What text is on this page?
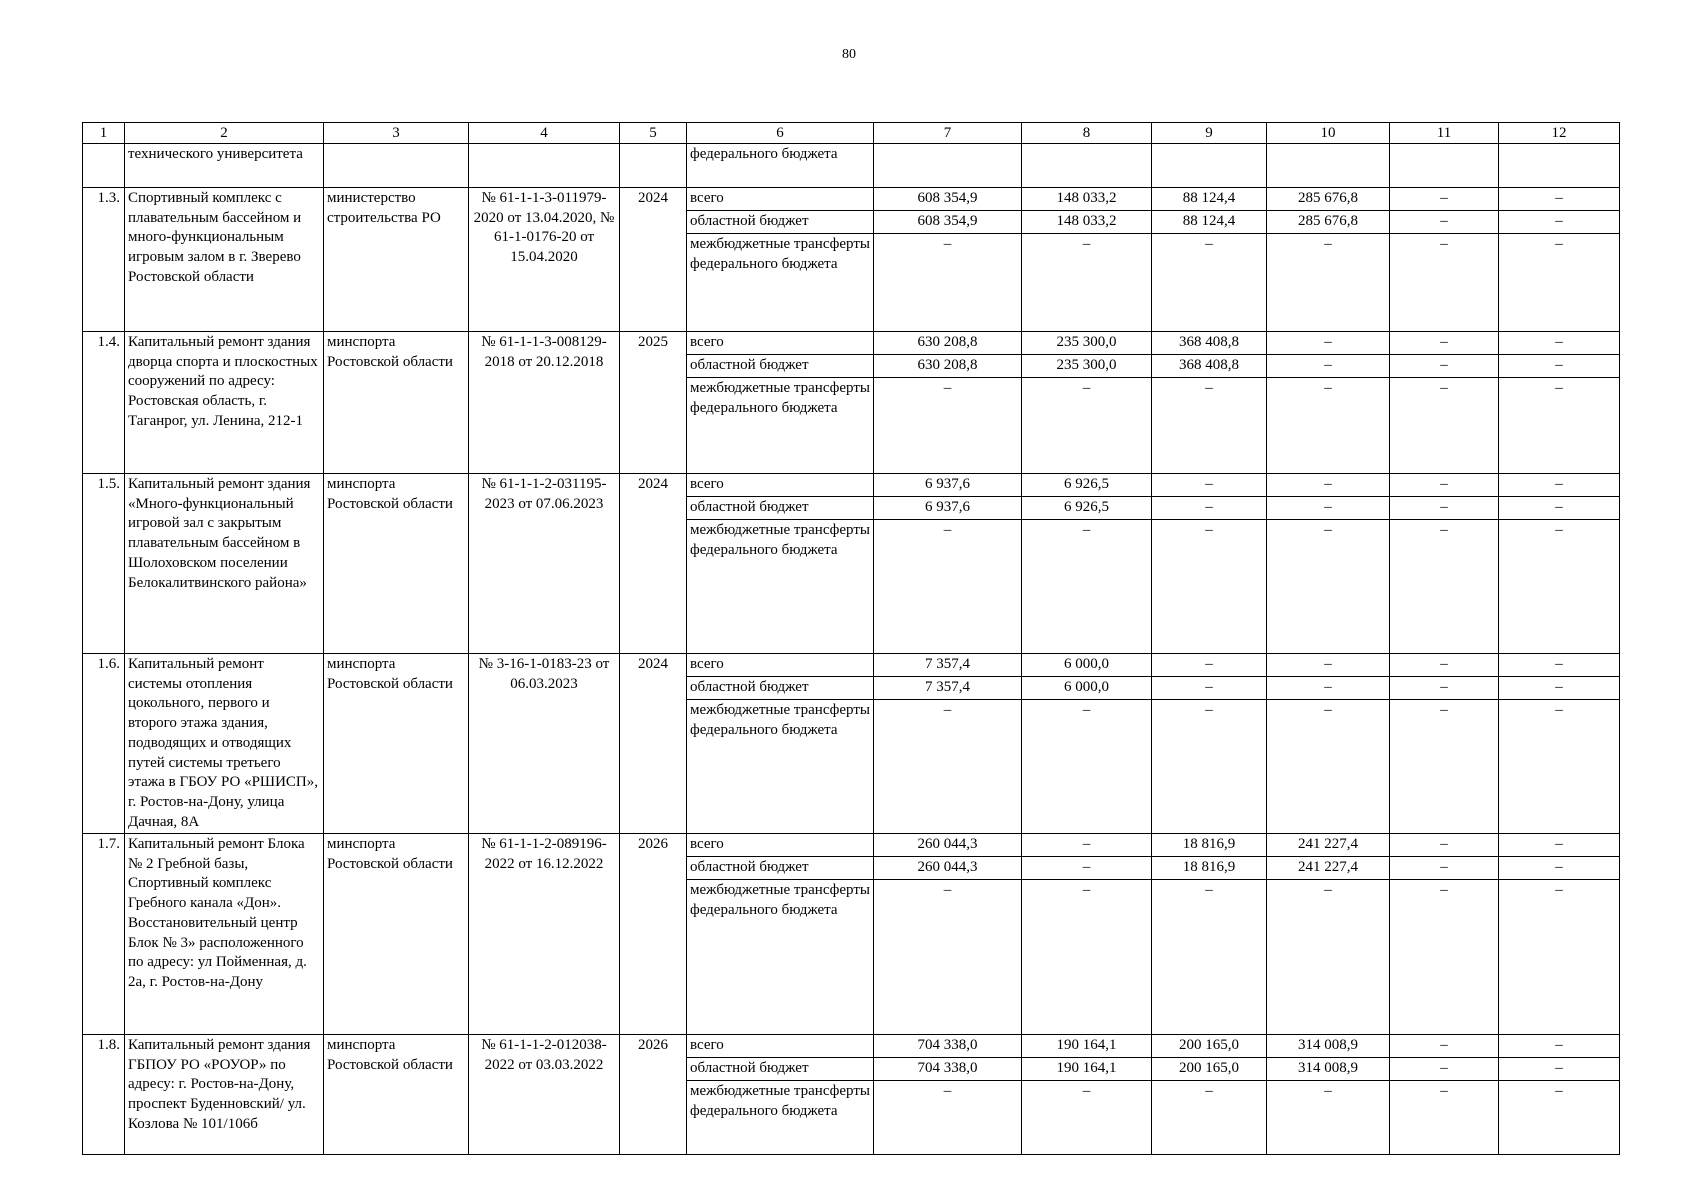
80
1	2	3	4	5	6	7	8	9	10	11	12
	технического университета				федерального бюджета						
1.3.	Спортивный комплекс с плавательным бассейном и много-функциональным игровым залом в г. Зверево Ростовской области	министерство строительства РО	№ 61-1-1-3-011979-2020 от 13.04.2020, № 61-1-0176-20 от 15.04.2020	2024	всего	608 354,9	148 033,2	88 124,4	285 676,8	–	–
					областной бюджет	608 354,9	148 033,2	88 124,4	285 676,8	–	–
					межбюджетные трансферты федерального бюджета	–	–	–	–	–	–
1.4.	Капитальный ремонт здания дворца спорта и плоскостных сооружений по адресу: Ростовская область, г. Таганрог, ул. Ленина, 212-1	минспорта Ростовской области	№ 61-1-1-3-008129-2018 от 20.12.2018	2025	всего	630 208,8	235 300,0	368 408,8	–	–	–
					областной бюджет	630 208,8	235 300,0	368 408,8	–	–	–
					межбюджетные трансферты федерального бюджета	–	–	–	–	–	–
1.5.	Капитальный ремонт здания «Много-функциональный игровой зал с закрытым плавательным бассейном в Шолоховском поселении Белокалитвинского района»	минспорта Ростовской области	№ 61-1-1-2-031195-2023 от 07.06.2023	2024	всего	6 937,6	6 926,5	–	–	–	–
					областной бюджет	6 937,6	6 926,5	–	–	–	–
					межбюджетные трансферты федерального бюджета	–	–	–	–	–	–
1.6.	Капитальный ремонт системы отопления цокольного, первого и второго этажа здания, подводящих и отводящих путей системы третьего этажа в ГБОУ РО «РШИСП», г. Ростов-на-Дону, улица Дачная, 8А	минспорта Ростовской области	№ 3-16-1-0183-23 от 06.03.2023	2024	всего	7 357,4	6 000,0	–	–	–	–
					областной бюджет	7 357,4	6 000,0	–	–	–	–
					межбюджетные трансферты федерального бюджета	–	–	–	–	–	–
1.7.	Капитальный ремонт Блока № 2 Гребной базы, Спортивный комплекс Гребного канала «Дон». Восстановительный центр Блок № 3» расположенного по адресу: ул Пойменная, д. 2а, г. Ростов-на-Дону	минспорта Ростовской области	№ 61-1-1-2-089196-2022 от 16.12.2022	2026	всего	260 044,3	–	18 816,9	241 227,4	–	–
					областной бюджет	260 044,3	–	18 816,9	241 227,4	–	–
					межбюджетные трансферты федерального бюджета	–	–	–	–	–	–
1.8.	Капитальный ремонт здания ГБПОУ РО «РОУОР» по адресу: г. Ростов-на-Дону, проспект Буденновский/ ул. Козлова № 101/106б	минспорта Ростовской области	№ 61-1-1-2-012038-2022 от 03.03.2022	2026	всего	704 338,0	190 164,1	200 165,0	314 008,9	–	–
					областной бюджет	704 338,0	190 164,1	200 165,0	314 008,9	–	–
					межбюджетные трансферты федерального бюджета	–	–	–	–	–	–
